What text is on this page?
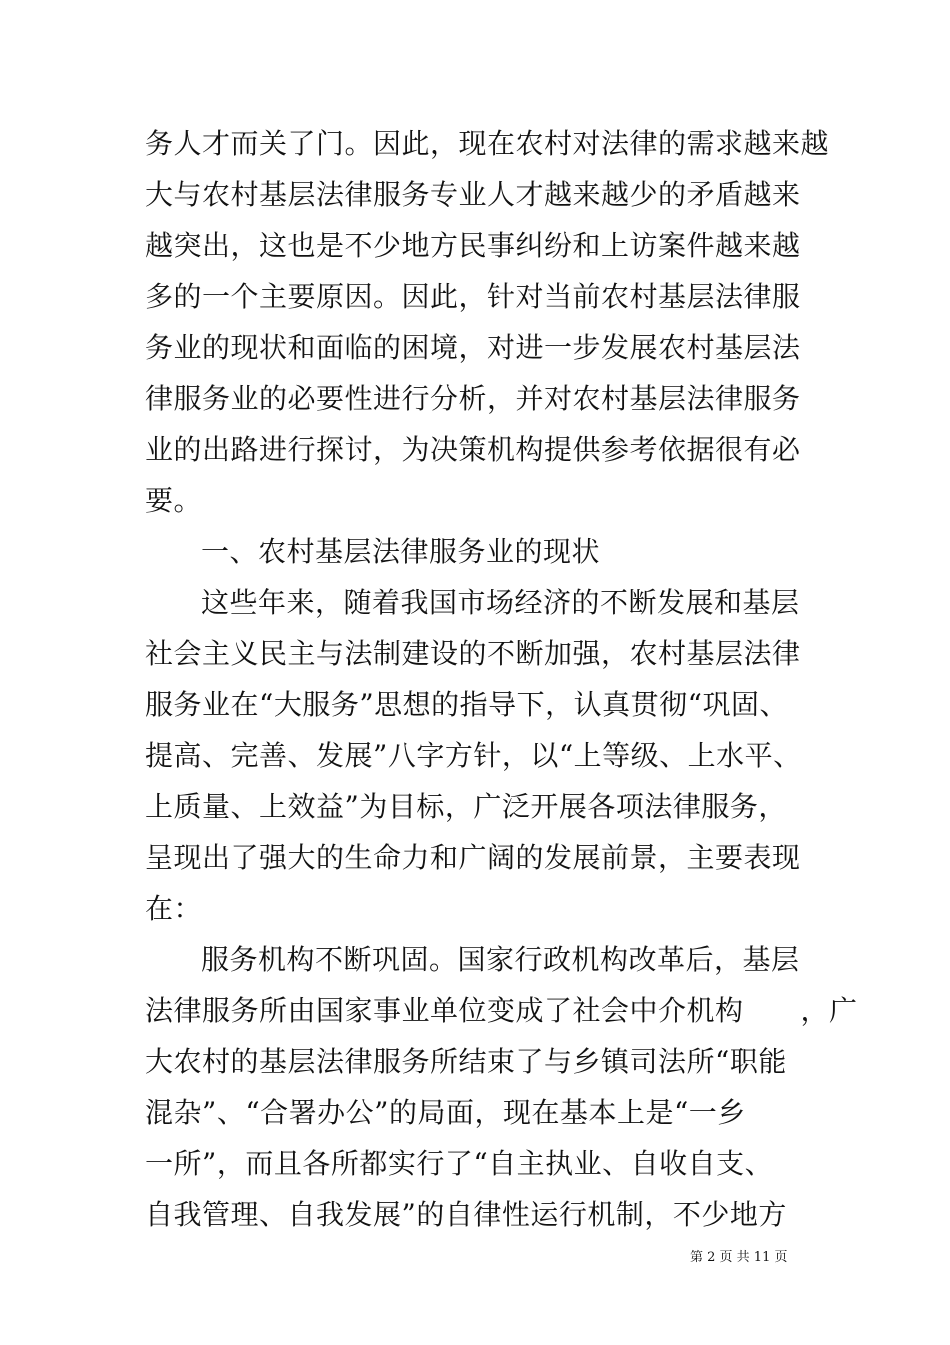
务人才而关了门。因此，现在农村对法律的需求越来越
大与农村基层法律服务专业人才越来越少的矛盾越来
越突出，这也是不少地方民事纠纷和上访案件越来越
多的一个主要原因。因此，针对当前农村基层法律服
务业的现状和面临的困境，对进一步发展农村基层法
律服务业的必要性进行分析，并对农村基层法律服务
业的出路进行探讨，为决策机构提供参考依据很有必
要。
一、农村基层法律服务业的现状
这些年来，随着我国市场经济的不断发展和基层
社会主义民主与法制建设的不断加强，农村基层法律
服务业在“大服务”思想的指导下，认真贯彻“巩固、
提高、完善、发展”八字方针，以“上等级、上水平、
上质量、上效益”为目标，广泛开展各项法律服务，
呈现出了强大的生命力和广阔的发展前景，主要表现
在：
服务机构不断巩固。国家行政机构改革后，基层
法律服务所由国家事业单位变成了社会中介机构　　，广
大农村的基层法律服务所结束了与乡镇司法所“职能
混杂”、“合署办公”的局面，现在基本上是“一乡
一所”，而且各所都实行了“自主执业、自收自支、
自我管理、自我发展”的自律性运行机制，不少地方
第 2 页 共 11 页
